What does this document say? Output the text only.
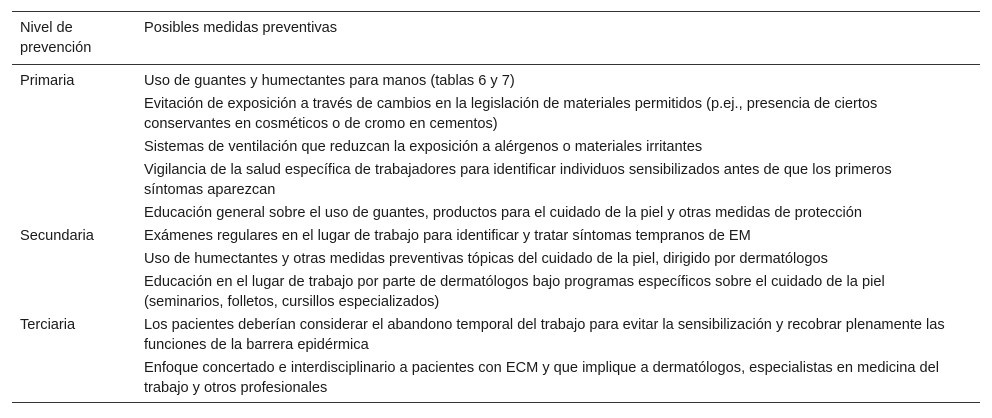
Nivel de prevención	Posibles medidas preventivas
Primaria	Uso de guantes y humectantes para manos (tablas 6 y 7)
	Evitación de exposición a través de cambios en la legislación de materiales permitidos (p.ej., presencia de ciertos conservantes en cosméticos o de cromo en cementos)
	Sistemas de ventilación que reduzcan la exposición a alérgenos o materiales irritantes
	Vigilancia de la salud específica de trabajadores para identificar individuos sensibilizados antes de que los primeros síntomas aparezcan
	Educación general sobre el uso de guantes, productos para el cuidado de la piel y otras medidas de protección
Secundaria	Exámenes regulares en el lugar de trabajo para identificar y tratar síntomas tempranos de EM
	Uso de humectantes y otras medidas preventivas tópicas del cuidado de la piel, dirigido por dermatólogos
	Educación en el lugar de trabajo por parte de dermatólogos bajo programas específicos sobre el cuidado de la piel (seminarios, folletos, cursillos especializados)
Terciaria	Los pacientes deberían considerar el abandono temporal del trabajo para evitar la sensibilización y recobrar plenamente las funciones de la barrera epidérmica
	Enfoque concertado e interdisciplinario a pacientes con ECM y que implique a dermatólogos, especialistas en medicina del trabajo y otros profesionales
